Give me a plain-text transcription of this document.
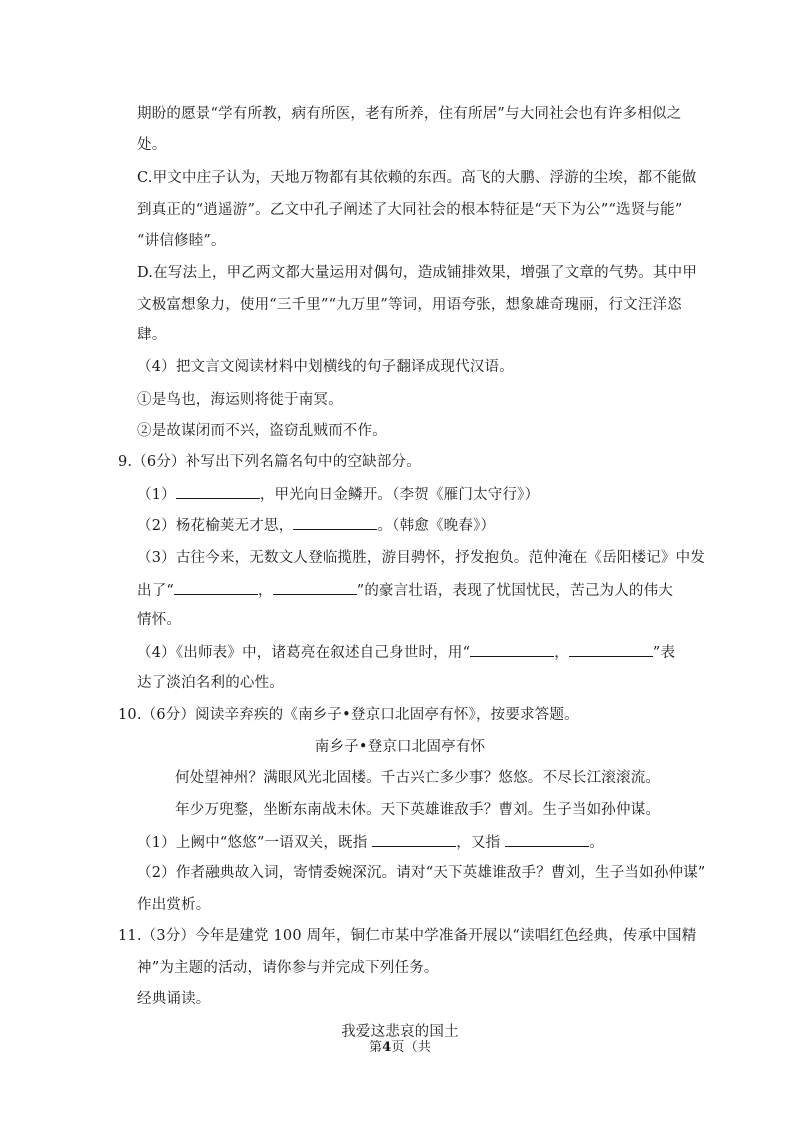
期盼的愿景“学有所教，病有所医，老有所养，住有所居”与大同社会也有许多相似之
处。
C.甲文中庄子认为，天地万物都有其依赖的东西。高飞的大鹏、浮游的尘埃，都不能做
到真正的“逍遥游”。乙文中孔子阐述了大同社会的根本特征是“天下为公”“选贤与能”
“讲信修睦”。
D.在写法上，甲乙两文都大量运用对偶句，造成铺排效果，增强了文章的气势。其中甲
文极富想象力，使用“三千里”“九万里”等词，用语夸张，想象雄奇瑰丽，行文汪洋恣
肆。
（4）把文言文阅读材料中划横线的句子翻译成现代汉语。
①是鸟也，海运则将徙于南冥。
②是故谋闭而不兴，盗窃乱贼而不作。
9.（6分）补写出下列名篇名句中的空缺部分。
（1）	，甲光向日金鳞开。（李贺《雁门太守行》）
（2）杨花榆荚无才思，	。（韩愈《晚春》）
（3）古往今来，无数文人登临揽胜，游目骋怀，抒发抱负。范仲淹在《岳阳楼记》中发
出了“	，	”的豪言壮语，表现了忧国忧民，苦己为人的伟大
情怀。
（4）《出师表》中，诸葛亮在叙述自己身世时，用“	，	”表
达了淡泊名利的心性。
10.（6分）阅读辛弃疾的《南乡子•登京口北固亭有怀》，按要求答题。
南乡子•登京口北固亭有怀
何处望神州？满眼风光北固楼。千古兴亡多少事？悠悠。不尽长江滚滚流。
年少万兜鍪，坐断东南战未休。天下英雄谁敌手？曹刘。生子当如孙仲谋。
（1）上阙中“悠悠”一语双关，既指	，又指	。
（2）作者融典故入词，寄情委婉深沉。请对“天下英雄谁敌手？曹刘，生子当如孙仲谋”
作出赏析。
11.（3分）今年是建党 100 周年，铜仁市某中学准备开展以“读唱红色经典，传承中国精
神”为主题的活动，请你参与并完成下列任务。
经典诵读。
我爱这悲哀的国土
第4页（共
